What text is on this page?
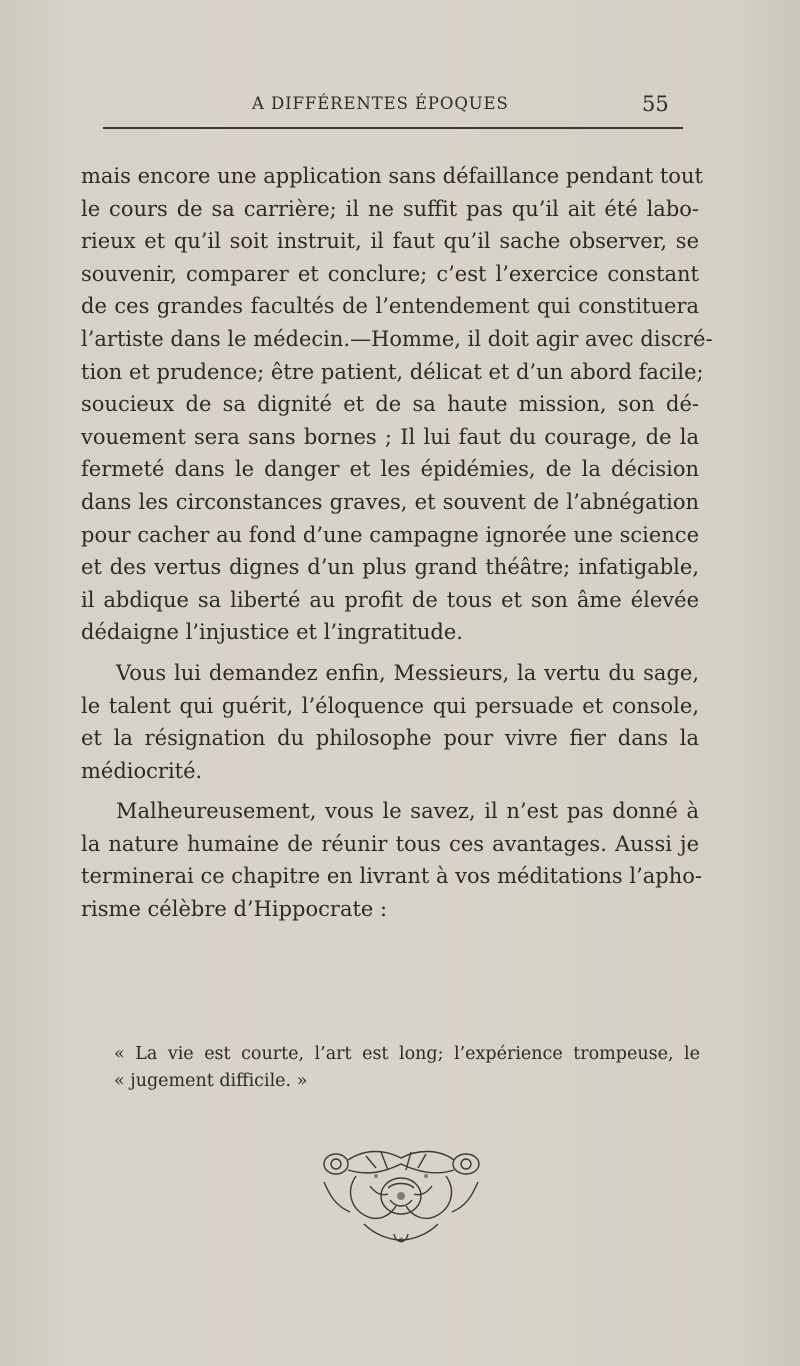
A DIFFÉRENTES ÉPOQUES	55
mais encore une application sans défaillance pendant tout
le cours de sa carrière; il ne suffit pas qu’il ait été labo-
rieux et qu’il soit instruit, il faut qu’il sache observer, se
souvenir, comparer et conclure; c’est l’exercice constant
de ces grandes facultés de l’entendement qui constituera
l’artiste dans le médecin.—Homme, il doit agir avec discré-
tion et prudence; être patient, délicat et d’un abord facile;
soucieux de sa dignité et de sa haute mission, son dé-
vouement sera sans bornes ; Il lui faut du courage, de la
fermeté dans le danger et les épidémies, de la décision
dans les circonstances graves, et souvent de l’abnégation
pour cacher au fond d’une campagne ignorée une science
et des vertus dignes d’un plus grand théâtre; infatigable,
il abdique sa liberté au profit de tous et son âme élevée
dédaigne l’injustice et l’ingratitude.
Vous lui demandez enfin, Messieurs, la vertu du sage,
le talent qui guérit, l’éloquence qui persuade et console,
et la résignation du philosophe pour vivre fier dans la
médiocrité.
Malheureusement, vous le savez, il n’est pas donné à
la nature humaine de réunir tous ces avantages. Aussi je
terminerai ce chapitre en livrant à vos méditations l’apho-
risme célèbre d’Hippocrate :
« La vie est courte, l’art est long; l’expérience trompeuse, le
« jugement difficile. »
